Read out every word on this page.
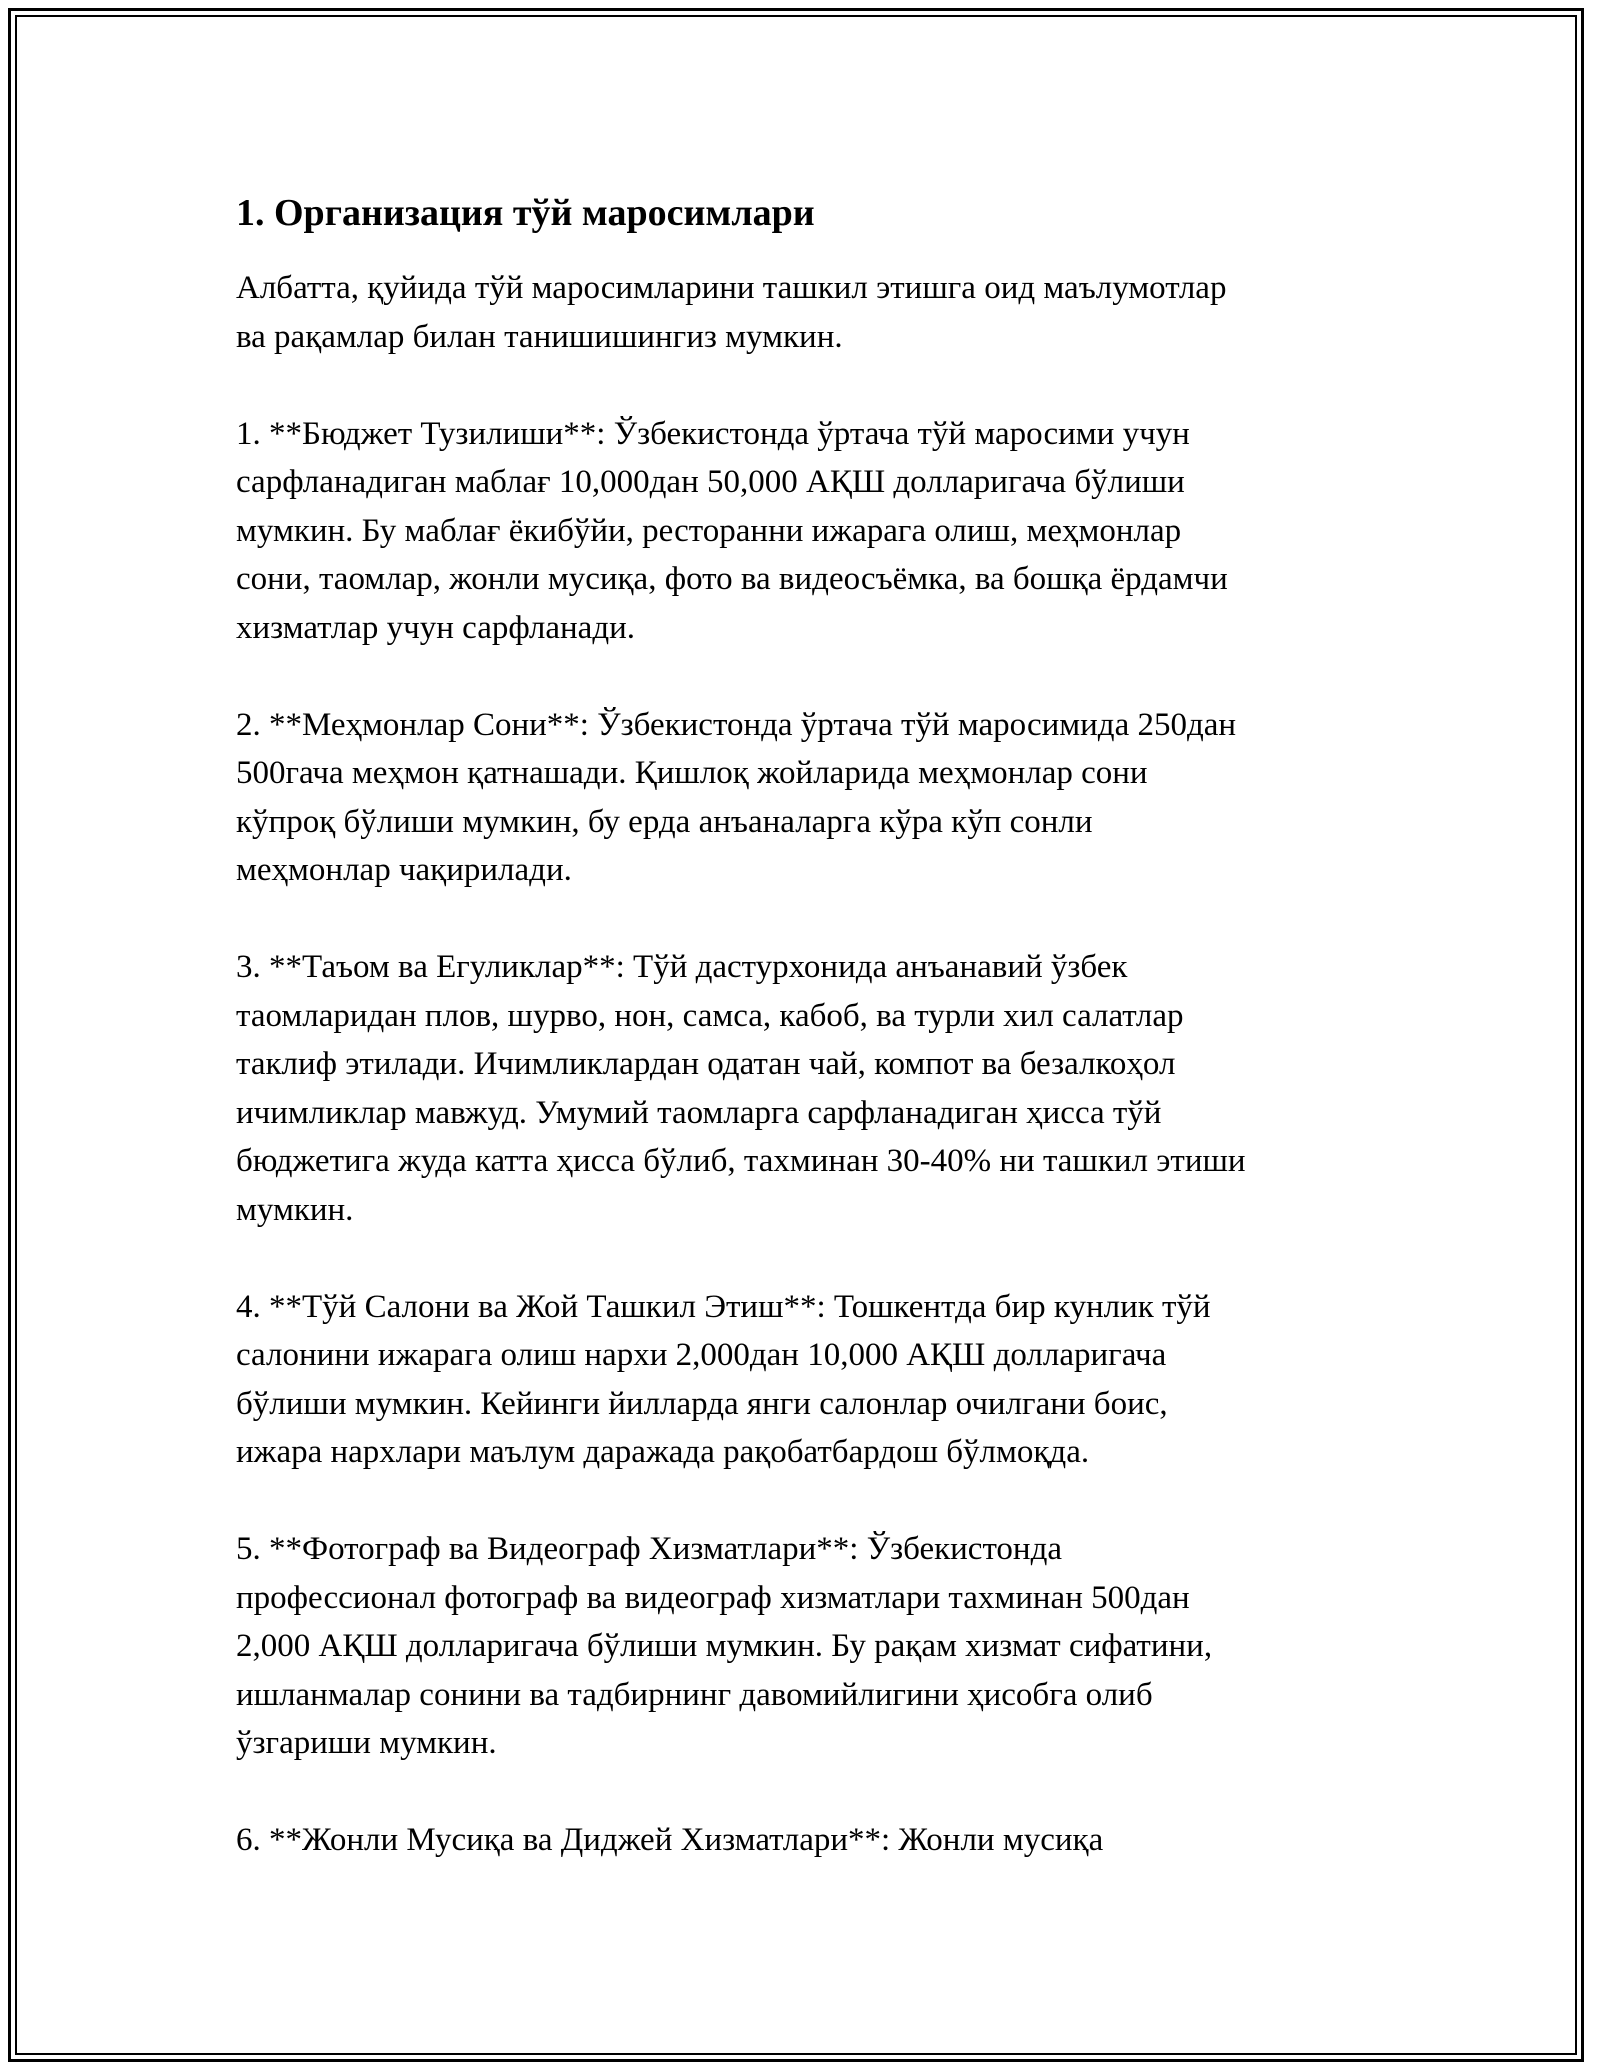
1. Организация тўй маросимлари

Албатта, қуйида тўй маросимларини ташкил этишга оид маълумотлар
ва рақамлар билан танишишингиз мумкин.

1. **Бюджет Тузилиши**: Ўзбекистонда ўртача тўй маросими учун
сарфланадиган маблағ 10,000дан 50,000 АҚШ долларигача бўлиши
мумкин. Бу маблағ ёкибўйи, ресторанни ижарага олиш, меҳмонлар
сони, таомлар, жонли мусиқа, фото ва видеосъёмка, ва бошқа ёрдамчи
хизматлар учун сарфланади.

2. **Меҳмонлар Сони**: Ўзбекистонда ўртача тўй маросимида 250дан
500гача меҳмон қатнашади. Қишлоқ жойларида меҳмонлар сони
кўпроқ бўлиши мумкин, бу ерда анъаналарга кўра кўп сонли
меҳмонлар чақирилади.

3. **Таъом ва Егуликлар**: Тўй дастурхонида анъанавий ўзбек
таомларидан плов, шурво, нон, самса, кабоб, ва турли хил салатлар
таклиф этилади. Ичимликлардан одатан чай, компот ва безалкоҳол
ичимликлар мавжуд. Умумий таомларга сарфланадиган ҳисса тўй
бюджетига жуда катта ҳисса бўлиб, тахминан 30-40% ни ташкил этиши
мумкин.

4. **Тўй Салони ва Жой Ташкил Этиш**: Тошкентда бир кунлик тўй
салонини ижарага олиш нархи 2,000дан 10,000 АҚШ долларигача
бўлиши мумкин. Кейинги йилларда янги салонлар очилгани боис,
ижара нархлари маълум даражада рақобатбардош бўлмоқда.

5. **Фотограф ва Видеограф Хизматлари**: Ўзбекистонда
профессионал фотограф ва видеограф хизматлари тахминан 500дан
2,000 АҚШ долларигача бўлиши мумкин. Бу рақам хизмат сифатини,
ишланмалар сонини ва тадбирнинг давомийлигини ҳисобга олиб
ўзгариши мумкин.

6. **Жонли Мусиқа ва Диджей Хизматлари**: Жонли мусиқа
